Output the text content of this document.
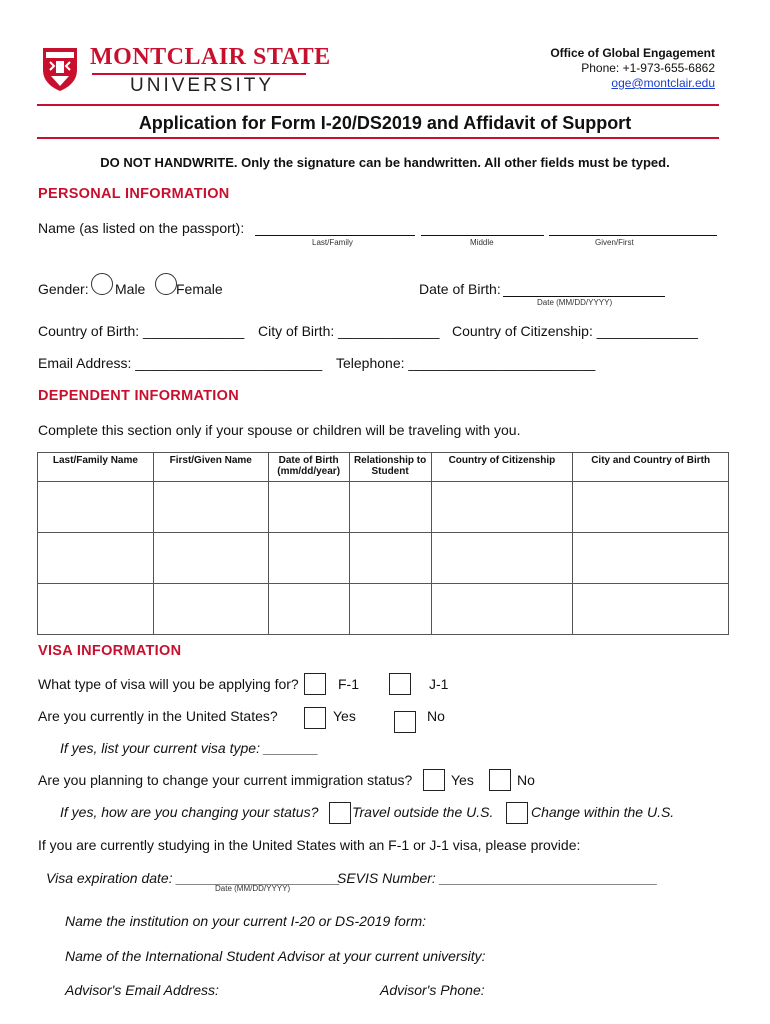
MONTCLAIR STATE
UNIVERSITY
Office of Global Engagement
Phone: +1-973-655-6862
oge@montclair.edu
Application for Form I-20/DS2019 and Affidavit of Support
DO NOT HANDWRITE. Only the signature can be handwritten. All other fields must be typed.
PERSONAL INFORMATION
Name (as listed on the passport):
Last/Family	Middle	Given/First
Gender: Male Female	Date of Birth:
Date (MM/DD/YYYY)
Country of Birth: _____________ City of Birth: _____________ Country of Citizenship: _____________
Email Address: ________________________ Telephone: ________________________
DEPENDENT INFORMATION
Complete this section only if your spouse or children will be traveling with you.
Last/Family Name	First/Given Name	Date of Birth (mm/dd/year)	Relationship to Student	Country of Citizenship	City and Country of Birth

VISA INFORMATION
What type of visa will you be applying for?	F-1	J-1
Are you currently in the United States?	Yes	No
If yes, list your current visa type: _______
Are you planning to change your current immigration status?	Yes	No
If yes, how are you changing your status? Travel outside the U.S.	Change within the U.S.
If you are currently studying in the United States with an F-1 or J-1 visa, please provide:
Visa expiration date: _____________________
Date (MM/DD/YYYY)
SEVIS Number: ____________________________
Name the institution on your current I-20 or DS-2019 form:
Name of the International Student Advisor at your current university:
Advisor's Email Address:	Advisor's Phone:
